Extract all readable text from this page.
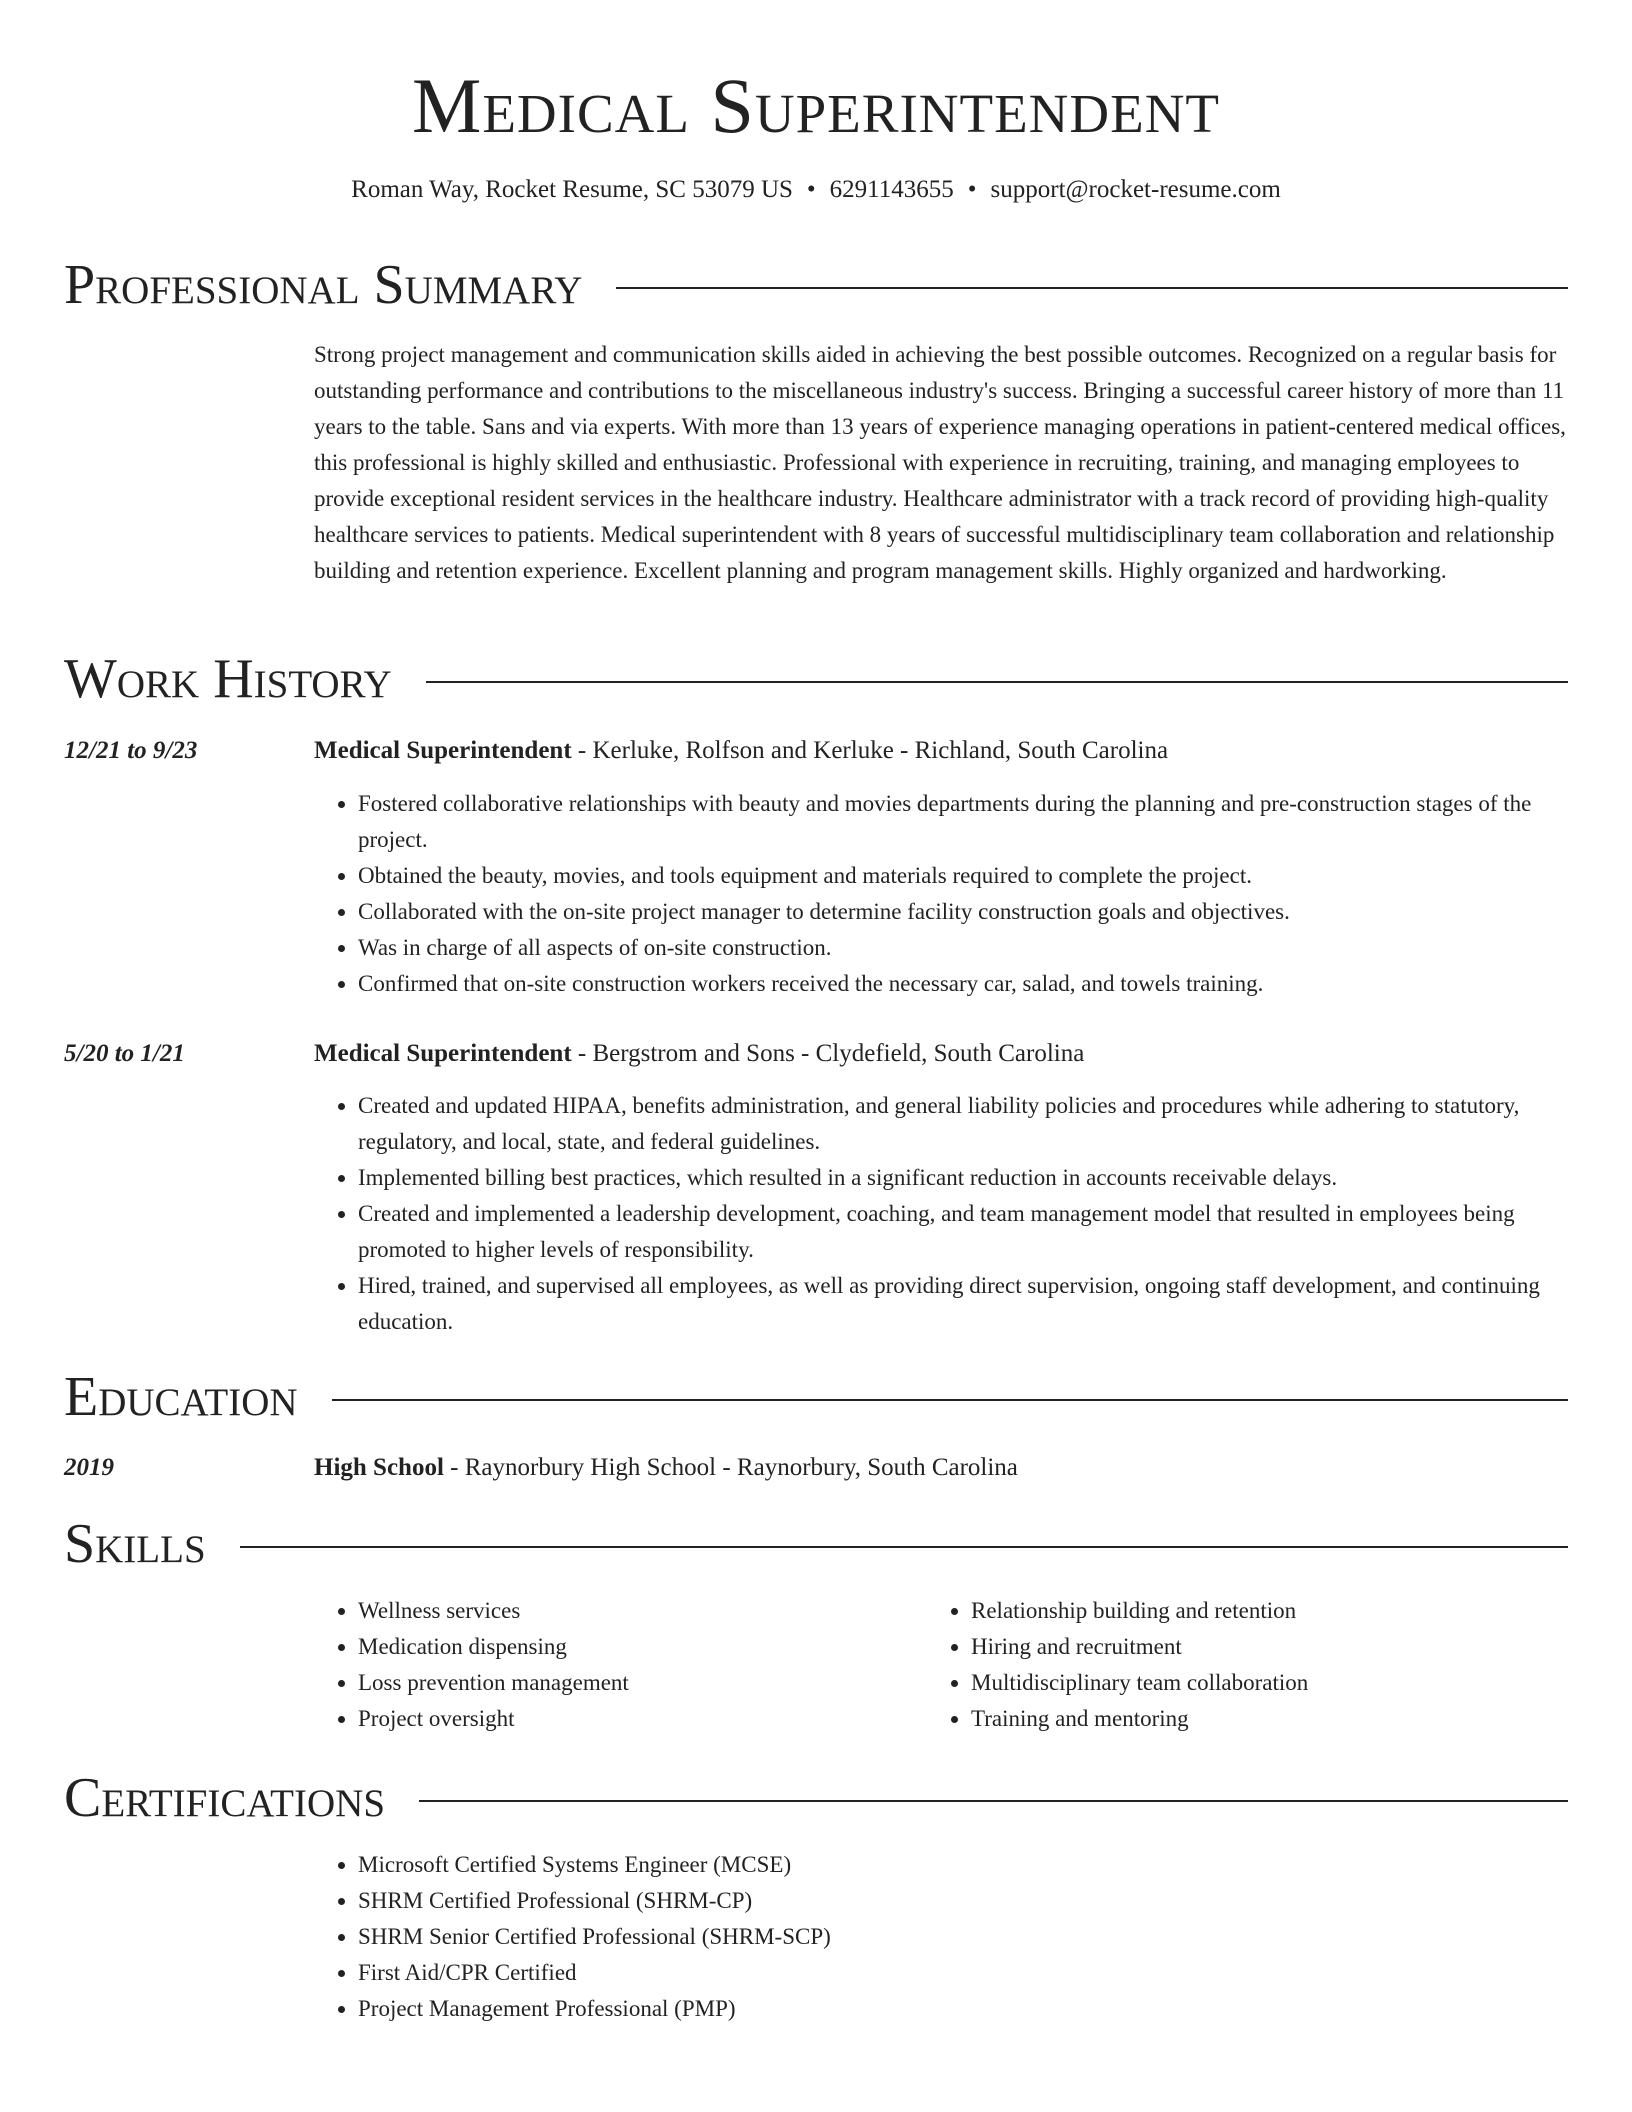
Medical Superintendent
Roman Way, Rocket Resume, SC 53079 US • 6291143655 • support@rocket-resume.com
Professional Summary

Strong project management and communication skills aided in achieving the best possible outcomes. Recognized on a regular basis for outstanding performance and contributions to the miscellaneous industry's success. Bringing a successful career history of more than 11 years to the table. Sans and via experts. With more than 13 years of experience managing operations in patient-centered medical offices, this professional is highly skilled and enthusiastic. Professional with experience in recruiting, training, and managing employees to provide exceptional resident services in the healthcare industry. Healthcare administrator with a track record of providing high-quality healthcare services to patients. Medical superintendent with 8 years of successful multidisciplinary team collaboration and relationship building and retention experience. Excellent planning and program management skills. Highly organized and hardworking.

Work History
12/21 to 9/23	Medical Superintendent - Kerluke, Rolfson and Kerluke - Richland, South Carolina
• Fostered collaborative relationships with beauty and movies departments during the planning and pre-construction stages of the project.
• Obtained the beauty, movies, and tools equipment and materials required to complete the project.
• Collaborated with the on-site project manager to determine facility construction goals and objectives.
• Was in charge of all aspects of on-site construction.
• Confirmed that on-site construction workers received the necessary car, salad, and towels training.
5/20 to 1/21	Medical Superintendent - Bergstrom and Sons - Clydefield, South Carolina
• Created and updated HIPAA, benefits administration, and general liability policies and procedures while adhering to statutory, regulatory, and local, state, and federal guidelines.
• Implemented billing best practices, which resulted in a significant reduction in accounts receivable delays.
• Created and implemented a leadership development, coaching, and team management model that resulted in employees being promoted to higher levels of responsibility.
• Hired, trained, and supervised all employees, as well as providing direct supervision, ongoing staff development, and continuing education.
Education
2019	High School - Raynorbury High School - Raynorbury, South Carolina
Skills
• Wellness services
• Medication dispensing
• Loss prevention management
• Project oversight
• Relationship building and retention
• Hiring and recruitment
• Multidisciplinary team collaboration
• Training and mentoring
Certifications
• Microsoft Certified Systems Engineer (MCSE)
• SHRM Certified Professional (SHRM-CP)
• SHRM Senior Certified Professional (SHRM-SCP)
• First Aid/CPR Certified
• Project Management Professional (PMP)
